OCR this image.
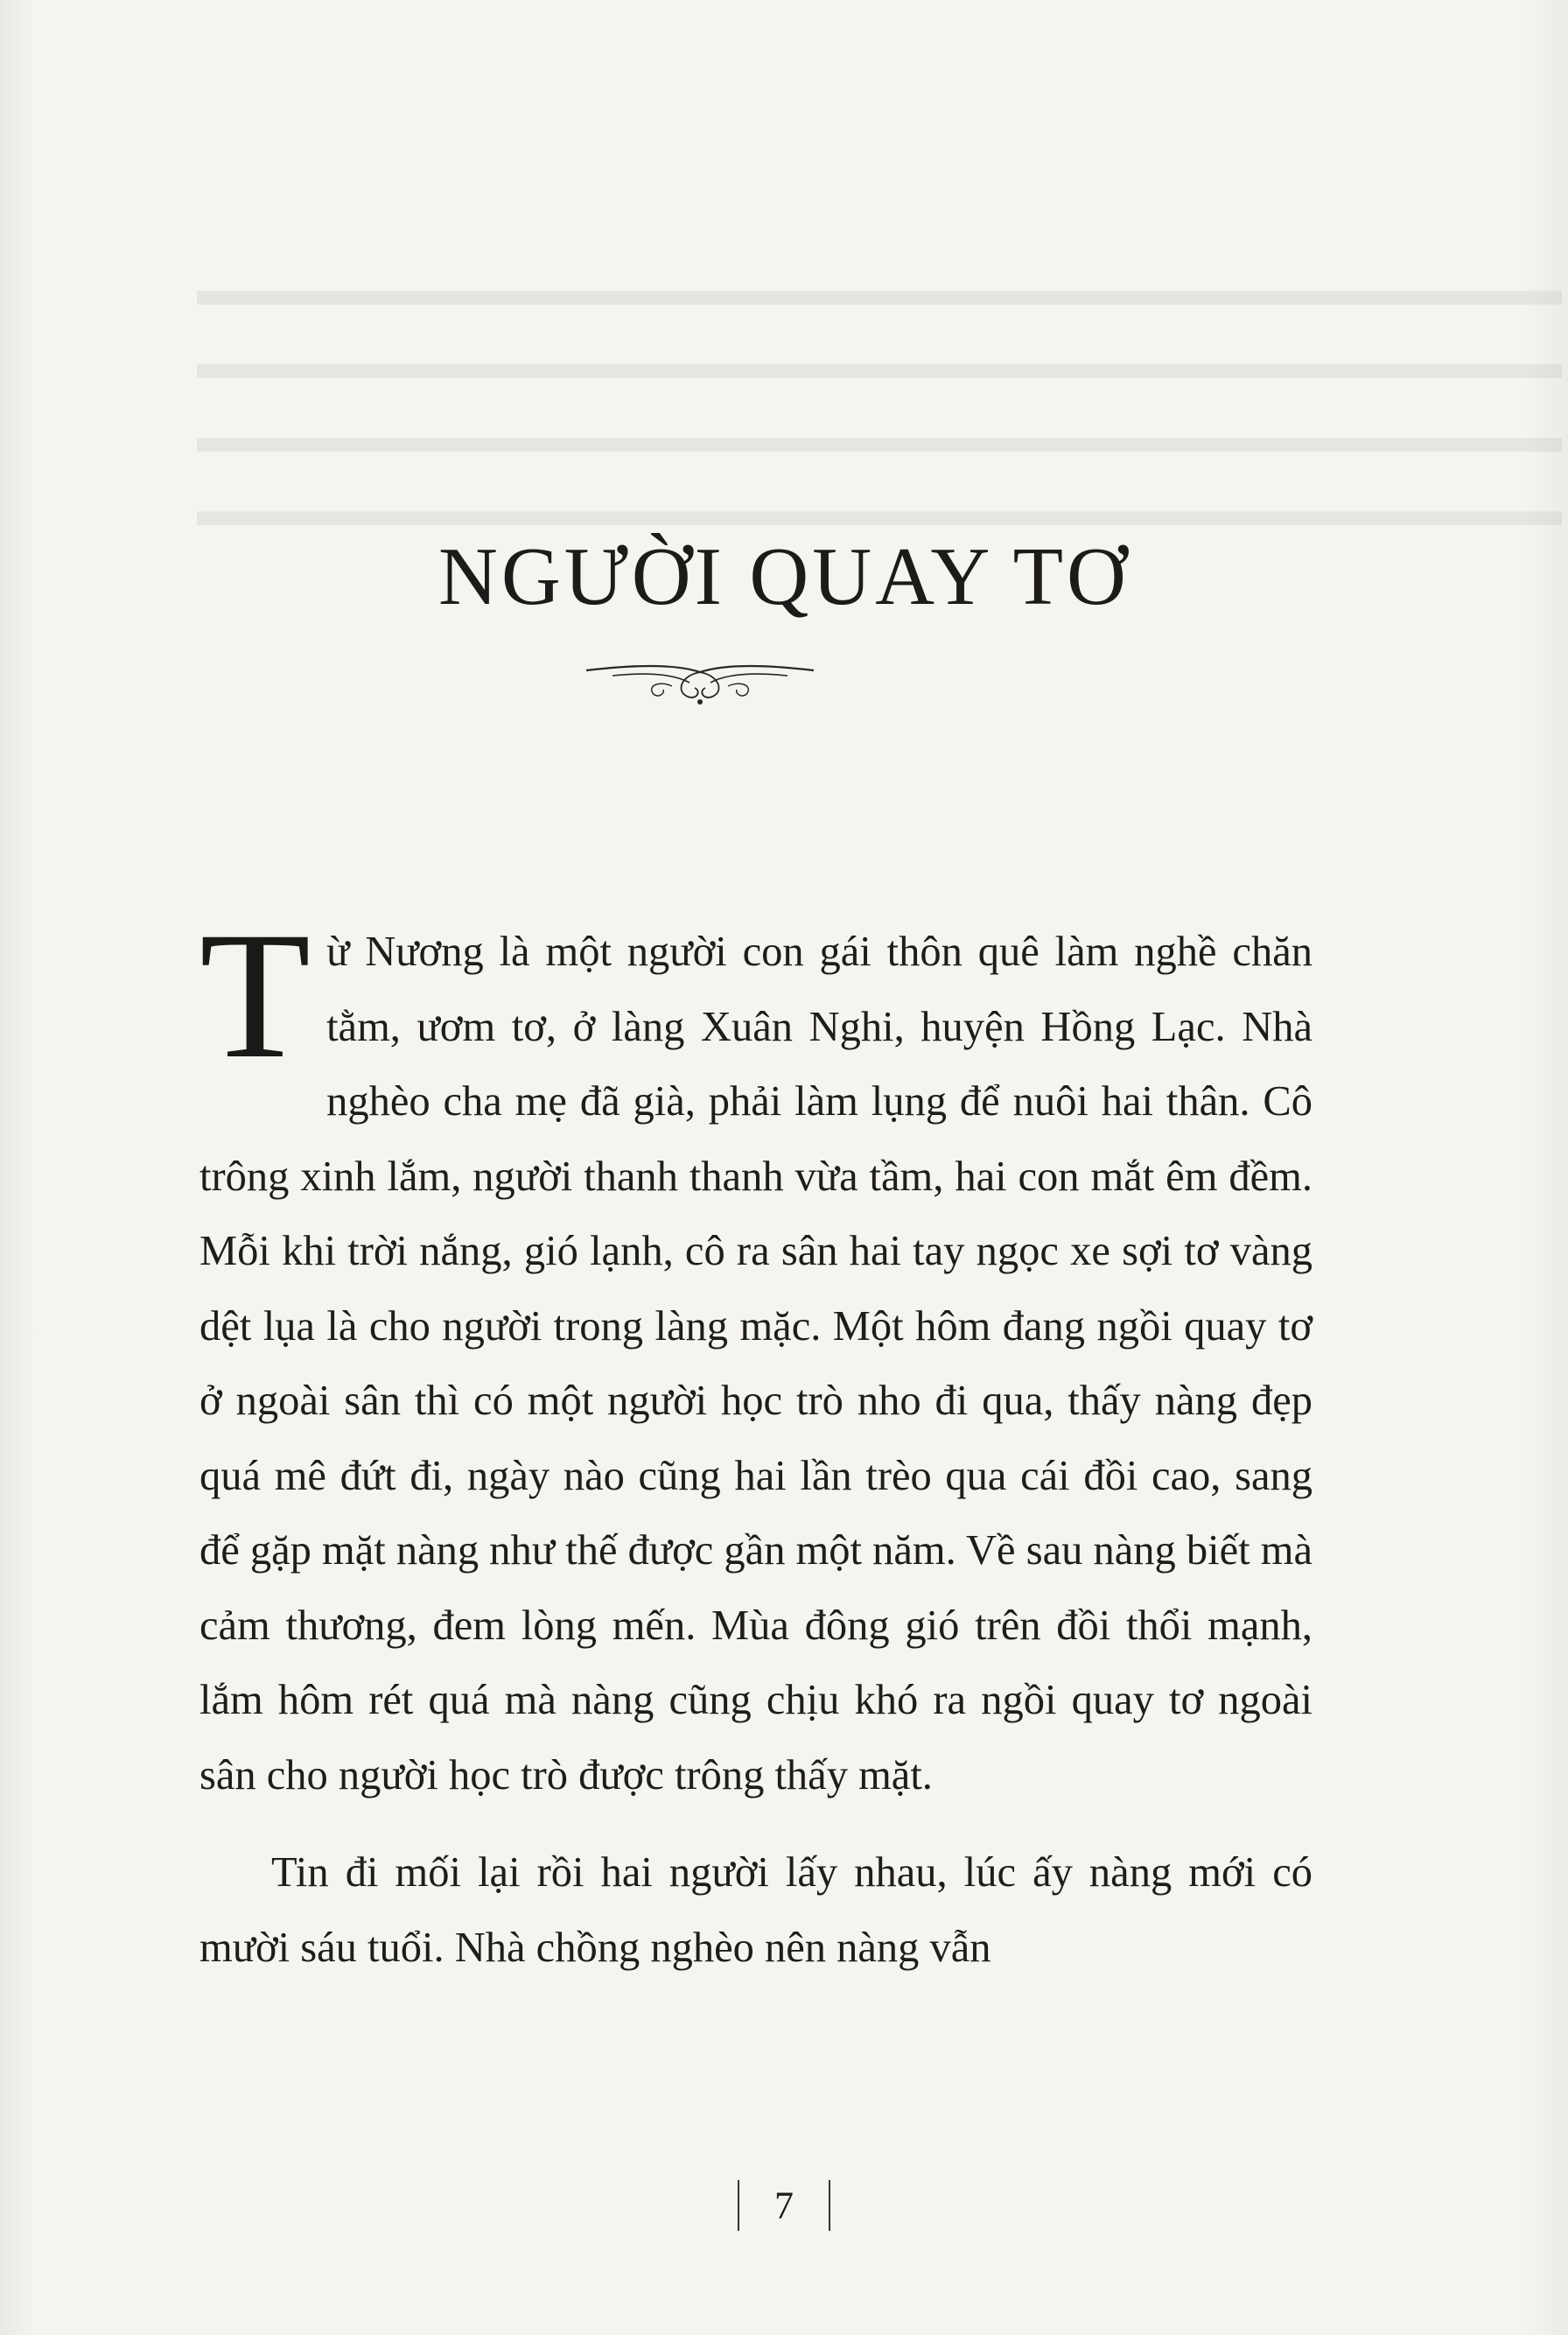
▬▬▬▬▬▬▬▬▬▬▬▬▬▬▬▬▬▬▬▬▬▬▬▬▬▬▬▬▬▬
▬▬▬▬▬▬▬▬▬▬▬▬▬▬▬▬▬▬▬▬▬▬▬▬▬▬▬▬▬▬
▬▬▬▬▬▬▬▬▬▬▬▬▬▬▬▬▬▬▬▬▬▬▬▬▬▬▬▬▬▬
▬▬▬▬▬▬▬▬▬▬▬▬▬▬▬▬▬▬▬▬▬▬▬▬▬▬▬▬▬▬
NGƯỜI QUAY TƠ

Từ Nương là một người con gái thôn quê làm nghề chăn tằm, ươm tơ, ở làng Xuân Nghi, huyện Hồng Lạc. Nhà nghèo cha mẹ đã già, phải làm lụng để nuôi hai thân. Cô trông xinh lắm, người thanh thanh vừa tầm, hai con mắt êm đềm. Mỗi khi trời nắng, gió lạnh, cô ra sân hai tay ngọc xe sợi tơ vàng dệt lụa là cho người trong làng mặc. Một hôm đang ngồi quay tơ ở ngoài sân thì có một người học trò nho đi qua, thấy nàng đẹp quá mê đứt đi, ngày nào cũng hai lần trèo qua cái đồi cao, sang để gặp mặt nàng như thế được gần một năm. Về sau nàng biết mà cảm thương, đem lòng mến. Mùa đông gió trên đồi thổi mạnh, lắm hôm rét quá mà nàng cũng chịu khó ra ngồi quay tơ ngoài sân cho người học trò được trông thấy mặt.

Tin đi mối lại rồi hai người lấy nhau, lúc ấy nàng mới có mười sáu tuổi. Nhà chồng nghèo nên nàng vẫn

7
